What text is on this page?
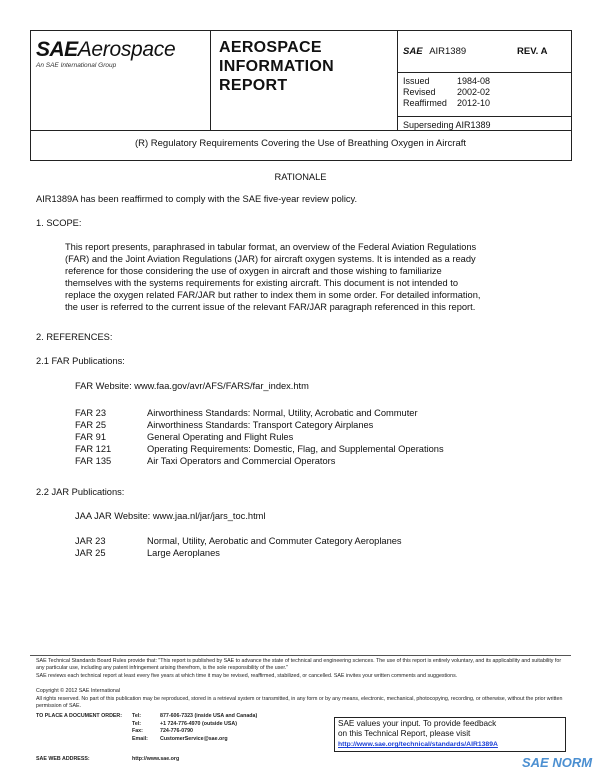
SAEAerospace
An SAE International Group
AEROSPACE
INFORMATION
REPORT
SAE AIR1389	REV. A
Issued	1984-08
Revised	2002-02
Reaffirmed	2012-10
Superseding AIR1389
(R) Regulatory Requirements Covering the Use of Breathing Oxygen in Aircraft
RATIONALE
AIR1389A has been reaffirmed to comply with the SAE five-year review policy.
1. SCOPE:
This report presents, paraphrased in tabular format, an overview of the Federal Aviation Regulations
(FAR) and the Joint Aviation Regulations (JAR) for aircraft oxygen systems. It is intended as a ready
reference for those considering the use of oxygen in aircraft and those wishing to familiarize
themselves with the systems requirements for existing aircraft. This document is not intended to
replace the oxygen related FAR/JAR but rather to index them in some order. For detailed information,
the user is referred to the current issue of the relevant FAR/JAR paragraph referenced in this report.
2. REFERENCES:
2.1 FAR Publications:
FAR Website: www.faa.gov/avr/AFS/FARS/far_index.htm
FAR 23	Airworthiness Standards: Normal, Utility, Acrobatic and Commuter
FAR 25	Airworthiness Standards: Transport Category Airplanes
FAR 91	General Operating and Flight Rules
FAR 121	Operating Requirements: Domestic, Flag, and Supplemental Operations
FAR 135	Air Taxi Operators and Commercial Operators
2.2 JAR Publications:
JAA JAR Website: www.jaa.nl/jar/jars_toc.html
JAR 23	Normal, Utility, Aerobatic and Commuter Category Aeroplanes
JAR 25	Large Aeroplanes
SAE Technical Standards Board Rules provide that: "This report is published by SAE to advance the state of technical and engineering sciences. The use of this report is entirely voluntary, and its applicability and suitability for any particular use, including any patent infringement arising therefrom, is the sole responsibility of the user."
SAE reviews each technical report at least every five years at which time it may be revised, reaffirmed, stabilized, or cancelled. SAE invites your written comments and suggestions.
Copyright © 2012 SAE International
All rights reserved. No part of this publication may be reproduced, stored in a retrieval system or transmitted, in any form or by any means, electronic, mechanical, photocopying, recording, or otherwise, without the prior written permission of SAE.
TO PLACE A DOCUMENT ORDER: Tel:	877-606-7323 (inside USA and Canada)
Tel:	+1 724-776-4970 (outside USA)
Fax:	724-776-0790
Email:	CustomerService@sae.org
SAE WEB ADDRESS:	http://www.sae.org
SAE values your input. To provide feedback
on this Technical Report, please visit
http://www.sae.org/technical/standards/AIR1389A
SAE NORM
